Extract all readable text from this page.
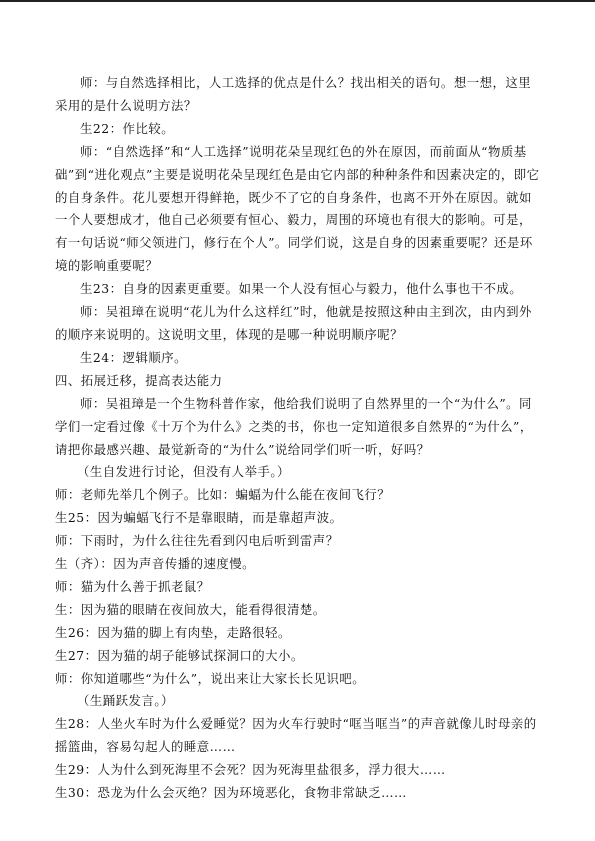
师：与自然选择相比，人工选择的优点是什么？找出相关的语句。想一想，这里采用的是什么说明方法？

生22：作比较。

师：“自然选择”和“人工选择”说明花朵呈现红色的外在原因，而前面从“物质基础”到“进化观点”主要是说明花朵呈现红色是由它内部的种种条件和因素决定的，即它的自身条件。花儿要想开得鲜艳，既少不了它的自身条件，也离不开外在原因。就如一个人要想成才，他自己必须要有恒心、毅力，周围的环境也有很大的影响。可是，有一句话说“师父领进门，修行在个人”。同学们说，这是自身的因素重要呢？还是环境的影响重要呢？

生23：自身的因素更重要。如果一个人没有恒心与毅力，他什么事也干不成。

师：吴祖璋在说明“花儿为什么这样红”时，他就是按照这种由主到次，由内到外的顺序来说明的。这说明文里，体现的是哪一种说明顺序呢？

生24：逻辑顺序。

四、拓展迁移，提高表达能力

师：吴祖璋是一个生物科普作家，他给我们说明了自然界里的一个“为什么”。同学们一定看过像《十万个为什么》之类的书，你也一定知道很多自然界的“为什么”，请把你最感兴趣、最觉新奇的“为什么”说给同学们听一听，好吗？

（生自发进行讨论，但没有人举手。）

师：老师先举几个例子。比如：蝙蝠为什么能在夜间飞行？

生25：因为蝙蝠飞行不是靠眼睛，而是靠超声波。

师：下雨时，为什么往往先看到闪电后听到雷声？

生（齐）：因为声音传播的速度慢。

师：猫为什么善于抓老鼠？

生：因为猫的眼睛在夜间放大，能看得很清楚。

生26：因为猫的脚上有肉垫，走路很轻。

生27：因为猫的胡子能够试探洞口的大小。

师：你知道哪些“为什么”，说出来让大家长长见识吧。

（生踊跃发言。）

生28：人坐火车时为什么爱睡觉？因为火车行驶时“哐当哐当”的声音就像儿时母亲的摇篮曲，容易勾起人的睡意……

生29：人为什么到死海里不会死？因为死海里盐很多，浮力很大……

生30：恐龙为什么会灭绝？因为环境恶化，食物非常缺乏……
